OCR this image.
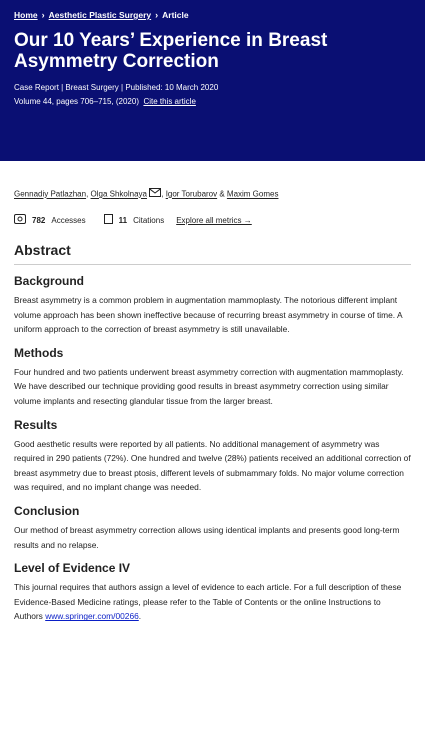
Home › Aesthetic Plastic Surgery › Article
Our 10 Years’ Experience in Breast Asymmetry Correction
Case Report | Breast Surgery | Published: 10 March 2020
Volume 44, pages 706–715, (2020) Cite this article
Gennadiy Patlazhan, Olga Shkolnaya , Igor Torubarov & Maxim Gomes
782 Accesses	11 Citations Explore all metrics →
Abstract
Background

Breast asymmetry is a common problem in augmentation mammoplasty. The notorious different implant volume approach has been shown ineffective because of recurring breast asymmetry in course of time. A uniform approach to the correction of breast asymmetry is still unavailable.

Methods

Four hundred and two patients underwent breast asymmetry correction with augmentation mammoplasty. We have described our technique providing good results in breast asymmetry correction using similar volume implants and resecting glandular tissue from the larger breast.

Results

Good aesthetic results were reported by all patients. No additional management of asymmetry was required in 290 patients (72%). One hundred and twelve (28%) patients received an additional correction of breast asymmetry due to breast ptosis, different levels of submammary folds. No major volume correction was required, and no implant change was needed.

Conclusion

Our method of breast asymmetry correction allows using identical implants and presents good long-term results and no relapse.

Level of Evidence IV

This journal requires that authors assign a level of evidence to each article. For a full description of these Evidence-Based Medicine ratings, please refer to the Table of Contents or the online Instructions to Authors www.springer.com/00266.
